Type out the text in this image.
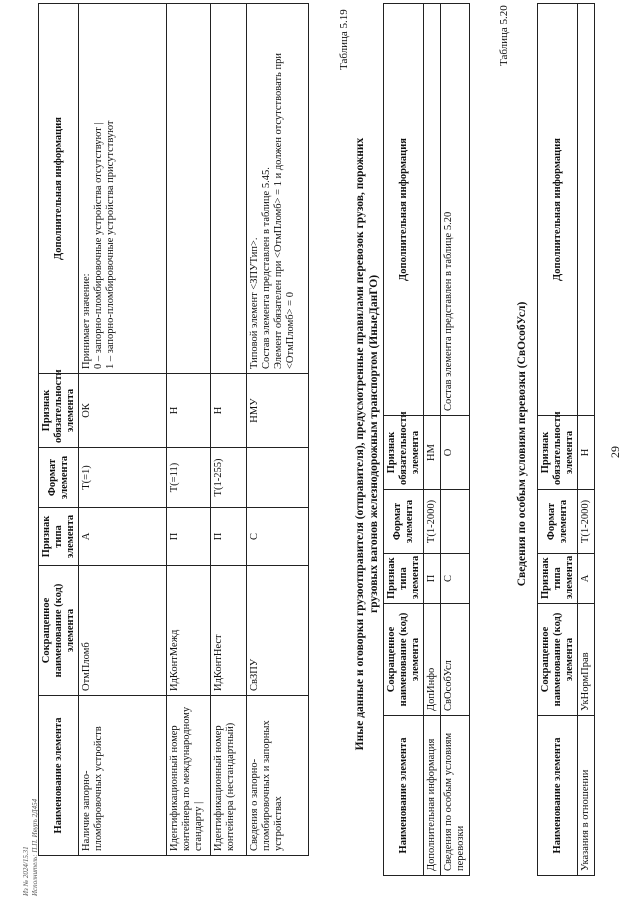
29
Наименование элемента	Сокращенное наименование (код) элемента	Признак типа элемента	Формат элемента	Признак обязательности элемента	Дополнительная информация
Наличие запорно-пломбировочных устройств	ОтмПломб	А	Т(=1)	ОК	Принимает значение:
0 – запорно-пломбировочные устройства отсутствуют |
1 – запорно-пломбировочные устройства присутствуют
Идентификационный номер контейнера по международному стандарту |	ИдКонтМежд	П	Т(=11)	Н	
Идентификационный номер контейнера (нестандартный)	ИдКонтНест	П	Т(1-255)	Н	
Сведения о запорно-пломбировочных и запорных устройствах	СвЗПУ	С		НМУ	Типовой элемент <ЗПУТип>.
Состав элемента представлен в таблице 5.45.
Элемент обязателен при <ОтмПломб> = 1 и должен отсутствовать при <ОтмПломб> = 0
Таблица 5.19
Иные данные и оговорки грузоотправителя (отправителя), предусмотренные правилами перевозок грузов, порожних грузовых вагонов железнодорожным транспортом (ИныеДанГО)
Наименование элемента	Сокращенное наименование (код) элемента	Признак типа элемента	Формат элемента	Признак обязательности элемента	Дополнительная информация
Дополнительная информация	ДопИнфо	П	Т(1-2000)	НМ	
Сведения по особым условиям перевозки	СвОсобУсл	С		О	Состав элемента представлен в таблице 5.20
Таблица 5.20
Сведения по особым условиям перевозки (СвОсобУсл)
Наименование элемента	Сокращенное наименование (код) элемента	Признак типа элемента	Формат элемента	Признак обязательности элемента	Дополнительная информация
Указания в отношении	УкНормПрав	А	Т(1-2000)	Н	
Из № 2024/15.31 Исполнитель: П.П. Ивуръ 2Д454
